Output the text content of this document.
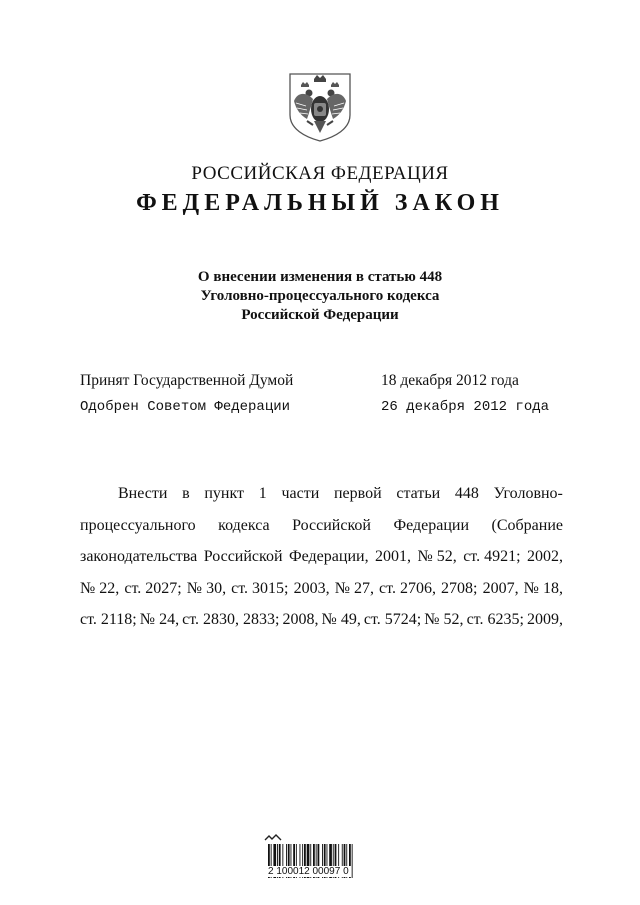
РОССИЙСКАЯ ФЕДЕРАЦИЯ
ФЕДЕРАЛЬНЫЙ ЗАКОН
О внесении изменения в статью 448
Уголовно-процессуального кодекса
Российской Федерации
Принят Государственной Думой	18 декабря 2012 года
Одобрен Советом Федерации	26 декабря 2012 года
Внести в пункт 1 части первой статьи 448 Уголовно-
процессуального кодекса Российской Федерации (Собрание
законодательства Российской Федерации, 2001, № 52, ст. 4921; 2002,
№ 22, ст. 2027; № 30, ст. 3015; 2003, № 27, ст. 2706, 2708; 2007, № 18,
ст. 2118; № 24, ст. 2830, 2833; 2008, № 49, ст. 5724; № 52, ст. 6235; 2009,
2 100012 00097 0
